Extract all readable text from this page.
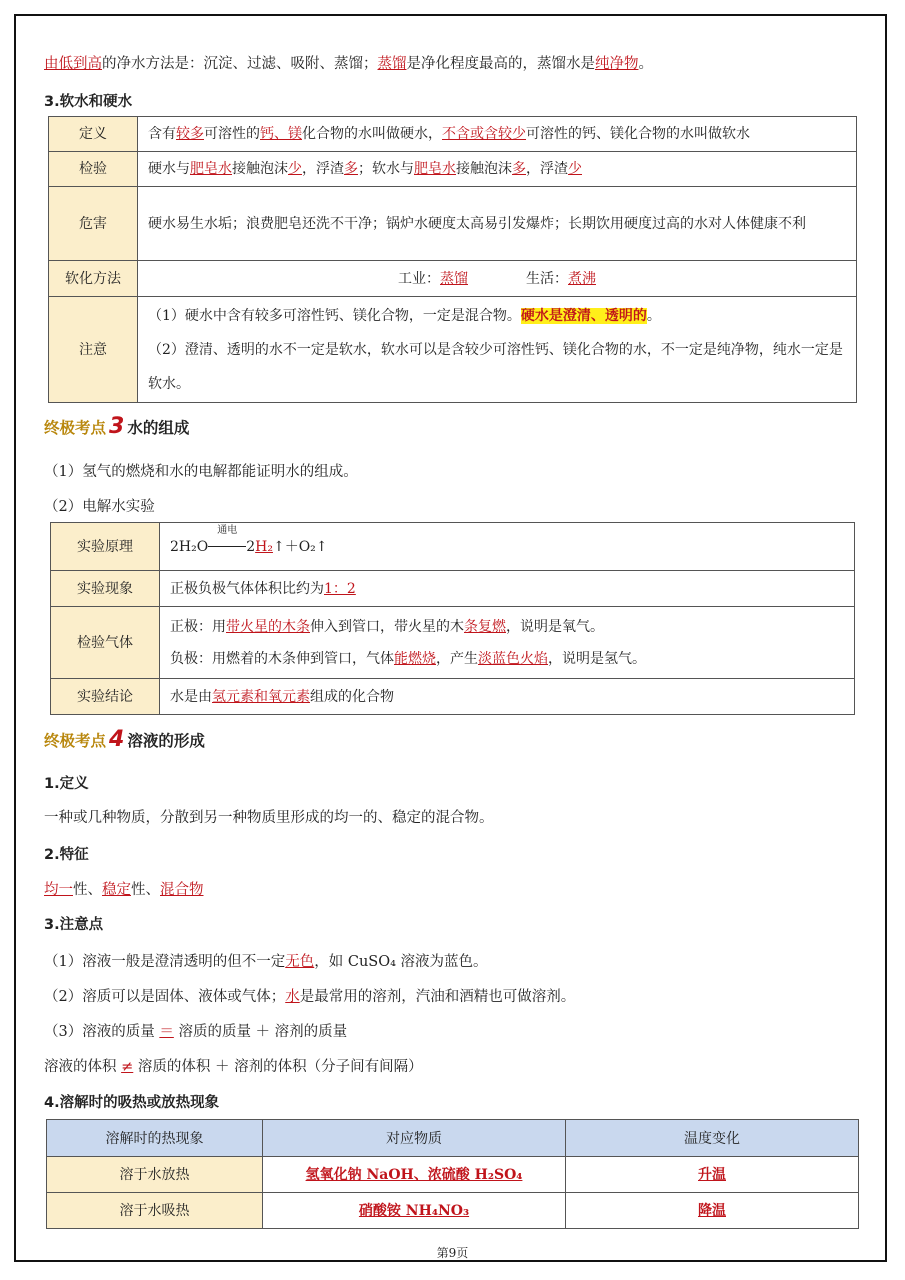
由低到高的净水方法是：沉淀、过滤、吸附、蒸馏；蒸馏是净化程度最高的，蒸馏水是纯净物。
3.软水和硬水
定义	含有较多可溶性的钙、镁化合物的水叫做硬水，不含或含较少可溶性的钙、镁化合物的水叫做软水
检验	硬水与肥皂水接触泡沫少，浮渣多；软水与肥皂水接触泡沫多，浮渣少
危害	硬水易生水垢；浪费肥皂还洗不干净；锅炉水硬度太高易引发爆炸；长期饮用硬度过高的水对人体健康不利
软化方法	工业：蒸馏 生活：煮沸
注意	（1）硬水中含有较多可溶性钙、镁化合物，一定是混合物。硬水是澄清、透明的。
（2）澄清、透明的水不一定是软水，软水可以是含较少可溶性钙、镁化合物的水，不一定是纯净物，纯水一定是软水。
终极考点 3 水的组成
（1）氢气的燃烧和水的电解都能证明水的组成。
（2）电解水实验
实验原理	2H₂O
通电
2H₂↑＋O₂↑
实验现象	正极负极气体体积比约为1：2
检验气体	正极：用带火星的木条伸入到管口，带火星的木条复燃，说明是氧气。
负极：用燃着的木条伸到管口，气体能燃烧，产生淡蓝色火焰，说明是氢气。
实验结论	水是由氢元素和氧元素组成的化合物
终极考点 4 溶液的形成
1.定义
一种或几种物质，分散到另一种物质里形成的均一的、稳定的混合物。
2.特征
均一性、稳定性、混合物
3.注意点
（1）溶液一般是澄清透明的但不一定无色，如 CuSO₄ 溶液为蓝色。
（2）溶质可以是固体、液体或气体；水是最常用的溶剂，汽油和酒精也可做溶剂。
（3）溶液的质量 ＝ 溶质的质量 ＋ 溶剂的质量
溶液的体积 ≠ 溶质的体积 ＋ 溶剂的体积（分子间有间隔）
4.溶解时的吸热或放热现象
溶解时的热现象	对应物质	温度变化
溶于水放热	氢氧化钠 NaOH、浓硫酸 H₂SO₄	升温
溶于水吸热	硝酸铵 NH₄NO₃	降温
第9页
